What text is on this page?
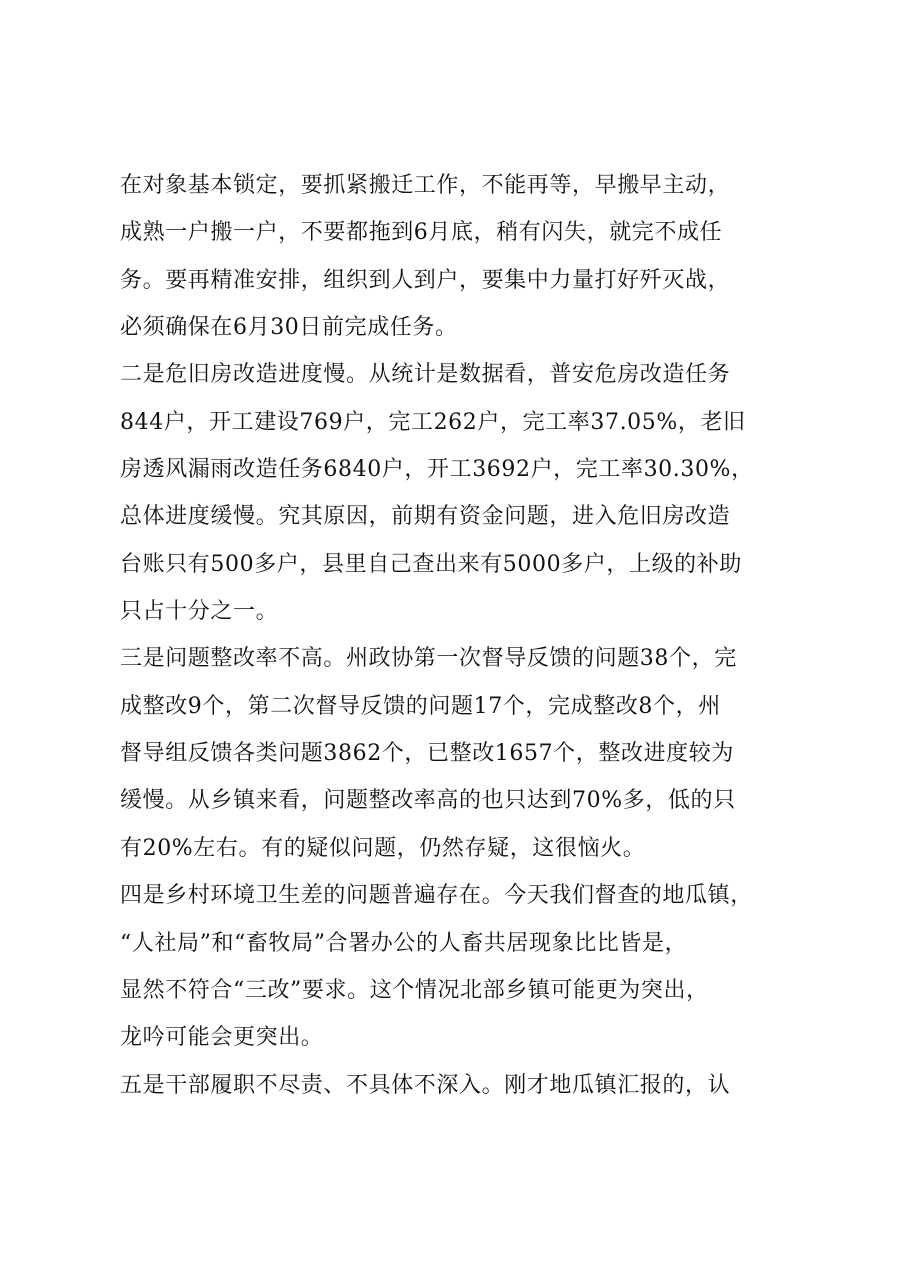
在对象基本锁定，要抓紧搬迁工作，不能再等，早搬早主动，
成熟一户搬一户，不要都拖到6月底，稍有闪失，就完不成任
务。要再精准安排，组织到人到户，要集中力量打好歼灭战，
必须确保在6月30日前完成任务。
二是危旧房改造进度慢。从统计是数据看，普安危房改造任务
844户，开工建设769户，完工262户，完工率37.05%，老旧
房透风漏雨改造任务6840户，开工3692户，完工率30.30%，
总体进度缓慢。究其原因，前期有资金问题，进入危旧房改造
台账只有500多户，县里自己查出来有5000多户，上级的补助
只占十分之一。
三是问题整改率不高。州政协第一次督导反馈的问题38个，完
成整改9个，第二次督导反馈的问题17个，完成整改8个，州
督导组反馈各类问题3862个，已整改1657个，整改进度较为
缓慢。从乡镇来看，问题整改率高的也只达到70%多，低的只
有20%左右。有的疑似问题，仍然存疑，这很恼火。
四是乡村环境卫生差的问题普遍存在。今天我们督查的地瓜镇，
“人社局”和“畜牧局”合署办公的人畜共居现象比比皆是，
显然不符合“三改”要求。这个情况北部乡镇可能更为突出，
龙吟可能会更突出。
五是干部履职不尽责、不具体不深入。刚才地瓜镇汇报的，认
